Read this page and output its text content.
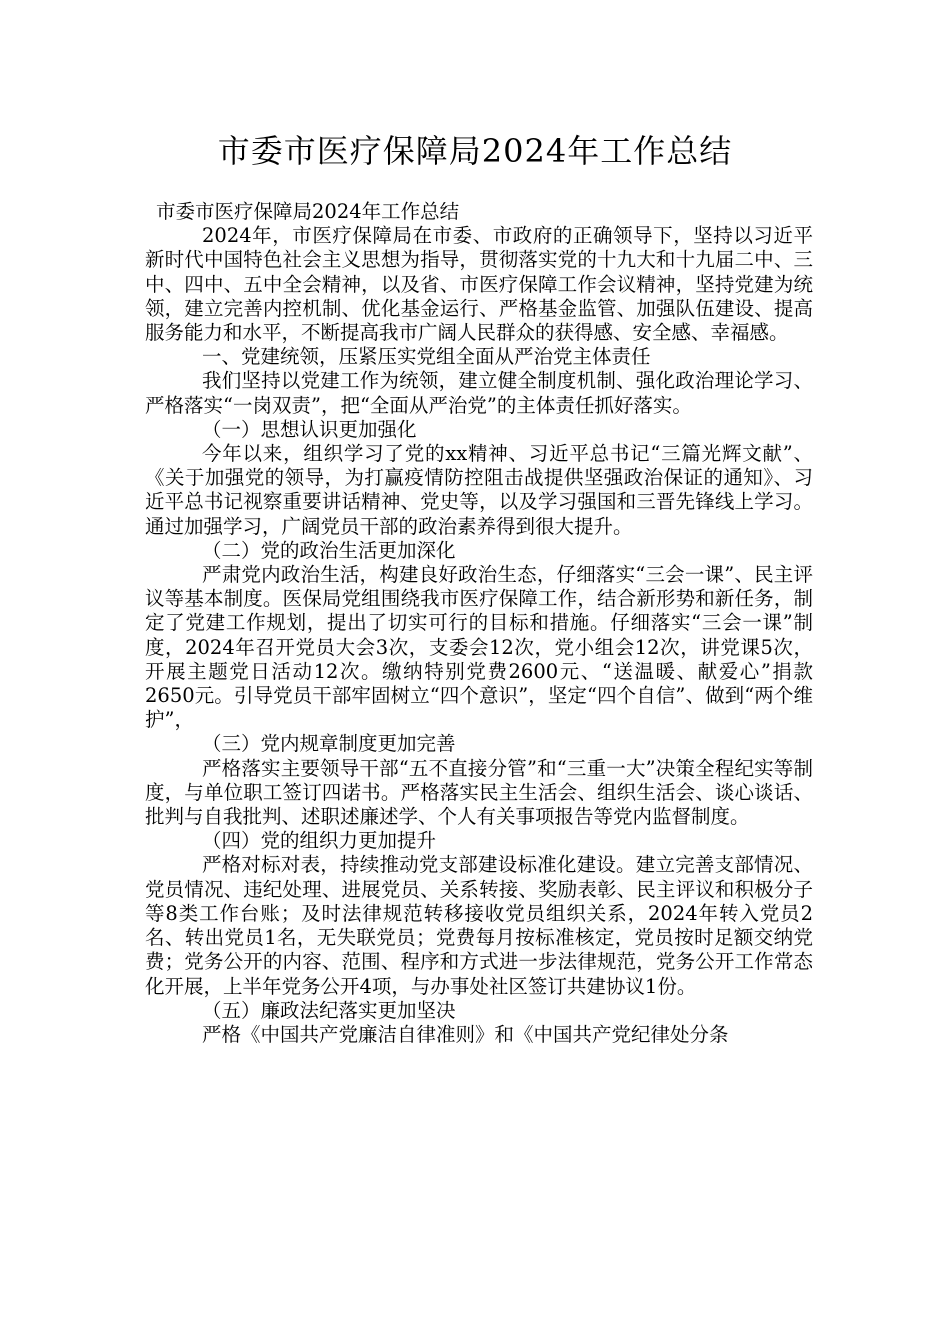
市委市医疗保障局2024年工作总结

市委市医疗保障局2024年工作总结

2024年，市医疗保障局在市委、市政府的正确领导下，坚持以习近平新时代中国特色社会主义思想为指导，贯彻落实党的十九大和十九届二中、三中、四中、五中全会精神，以及省、市医疗保障工作会议精神，坚持党建为统领，建立完善内控机制、优化基金运行、严格基金监管、加强队伍建设、提高服务能力和水平，不断提高我市广阔人民群众的获得感、安全感、幸福感。

一、党建统领，压紧压实党组全面从严治党主体责任

我们坚持以党建工作为统领，建立健全制度机制、强化政治理论学习、严格落实“一岗双责”，把“全面从严治党”的主体责任抓好落实。

（一）思想认识更加强化

今年以来，组织学习了党的xx精神、习近平总书记“三篇光辉文献”、《关于加强党的领导，为打赢疫情防控阻击战提供坚强政治保证的通知》、习近平总书记视察重要讲话精神、党史等，以及学习强国和三晋先锋线上学习。通过加强学习，广阔党员干部的政治素养得到很大提升。

（二）党的政治生活更加深化

严肃党内政治生活，构建良好政治生态，仔细落实“三会一课”、民主评议等基本制度。医保局党组围绕我市医疗保障工作，结合新形势和新任务，制定了党建工作规划，提出了切实可行的目标和措施。仔细落实“三会一课”制度，2024年召开党员大会3次，支委会12次，党小组会12次，讲党课5次，开展主题党日活动12次。缴纳特别党费2600元、“送温暖、献爱心”捐款2650元。引导党员干部牢固树立“四个意识”，坚定“四个自信”、做到“两个维护”，

（三）党内规章制度更加完善

严格落实主要领导干部“五不直接分管”和“三重一大”决策全程纪实等制度，与单位职工签订四诺书。严格落实民主生活会、组织生活会、谈心谈话、批判与自我批判、述职述廉述学、个人有关事项报告等党内监督制度。

（四）党的组织力更加提升

严格对标对表，持续推动党支部建设标准化建设。建立完善支部情况、党员情况、违纪处理、进展党员、关系转接、奖励表彰、民主评议和积极分子等8类工作台账；及时法律规范转移接收党员组织关系，2024年转入党员2名、转出党员1名，无失联党员；党费每月按标准核定，党员按时足额交纳党费；党务公开的内容、范围、程序和方式进一步法律规范，党务公开工作常态化开展，上半年党务公开4项，与办事处社区签订共建协议1份。

（五）廉政法纪落实更加坚决

严格《中国共产党廉洁自律准则》和《中国共产党纪律处分条
